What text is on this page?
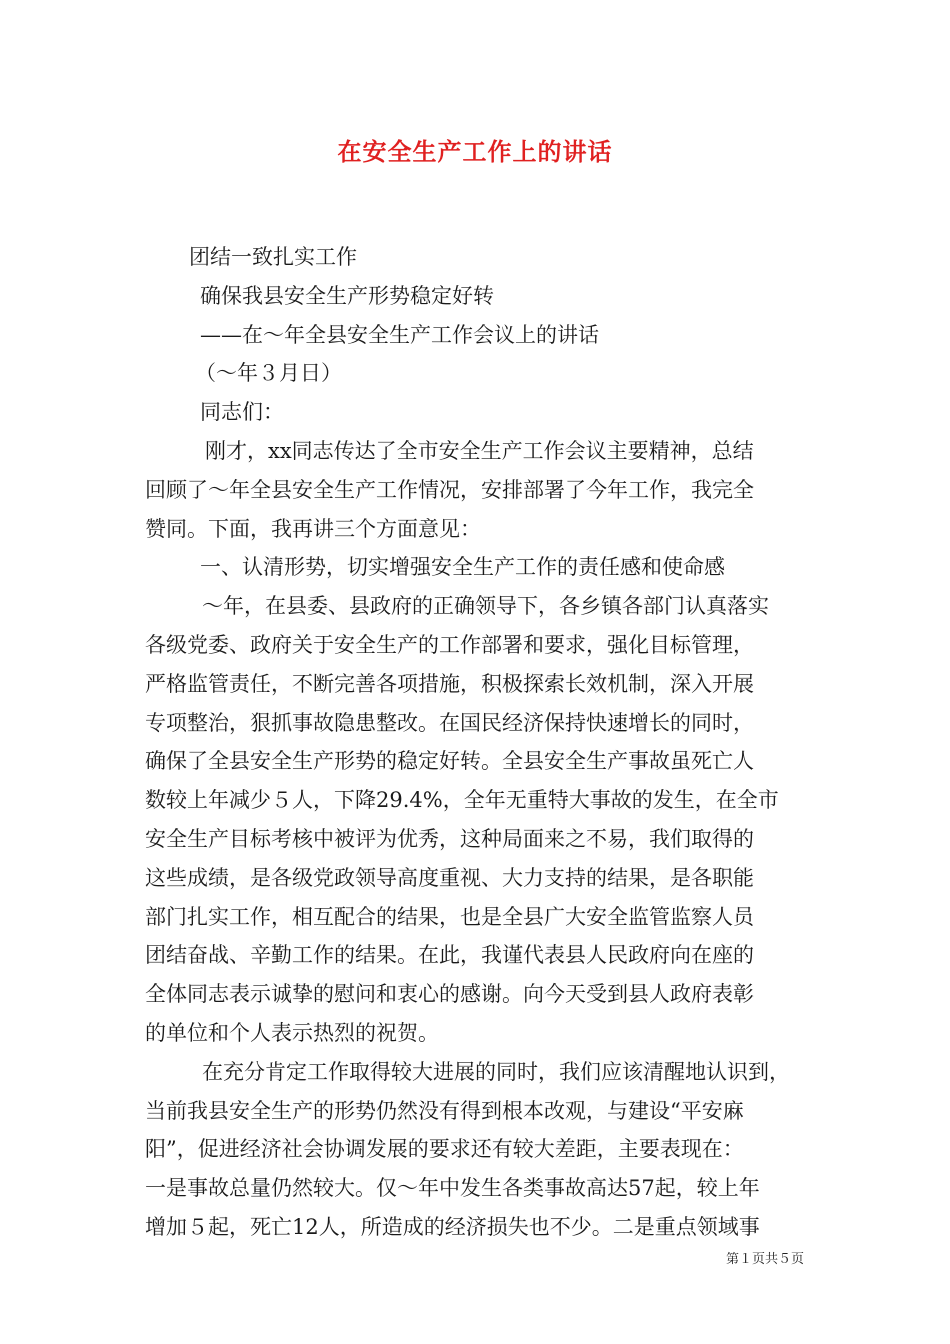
在安全生产工作上的讲话
团结一致扎实工作
确保我县安全生产形势稳定好转
——在～年全县安全生产工作会议上的讲话
（～年３月日）
同志们：
刚才，xx同志传达了全市安全生产工作会议主要精神，总结
回顾了～年全县安全生产工作情况，安排部署了今年工作，我完全
赞同。下面，我再讲三个方面意见：
一、认清形势，切实增强安全生产工作的责任感和使命感
～年，在县委、县政府的正确领导下，各乡镇各部门认真落实
各级党委、政府关于安全生产的工作部署和要求，强化目标管理，
严格监管责任，不断完善各项措施，积极探索长效机制，深入开展
专项整治，狠抓事故隐患整改。在国民经济保持快速增长的同时，
确保了全县安全生产形势的稳定好转。全县安全生产事故虽死亡人
数较上年减少５人，下降29.4%，全年无重特大事故的发生，在全市
安全生产目标考核中被评为优秀，这种局面来之不易，我们取得的
这些成绩，是各级党政领导高度重视、大力支持的结果，是各职能
部门扎实工作，相互配合的结果，也是全县广大安全监管监察人员
团结奋战、辛勤工作的结果。在此，我谨代表县人民政府向在座的
全体同志表示诚挚的慰问和衷心的感谢。向今天受到县人政府表彰
的单位和个人表示热烈的祝贺。
在充分肯定工作取得较大进展的同时，我们应该清醒地认识到，
当前我县安全生产的形势仍然没有得到根本改观，与建设“平安麻
阳”，促进经济社会协调发展的要求还有较大差距，主要表现在：
一是事故总量仍然较大。仅～年中发生各类事故高达57起，较上年
增加５起，死亡12人，所造成的经济损失也不少。二是重点领域事
第１页共５页
